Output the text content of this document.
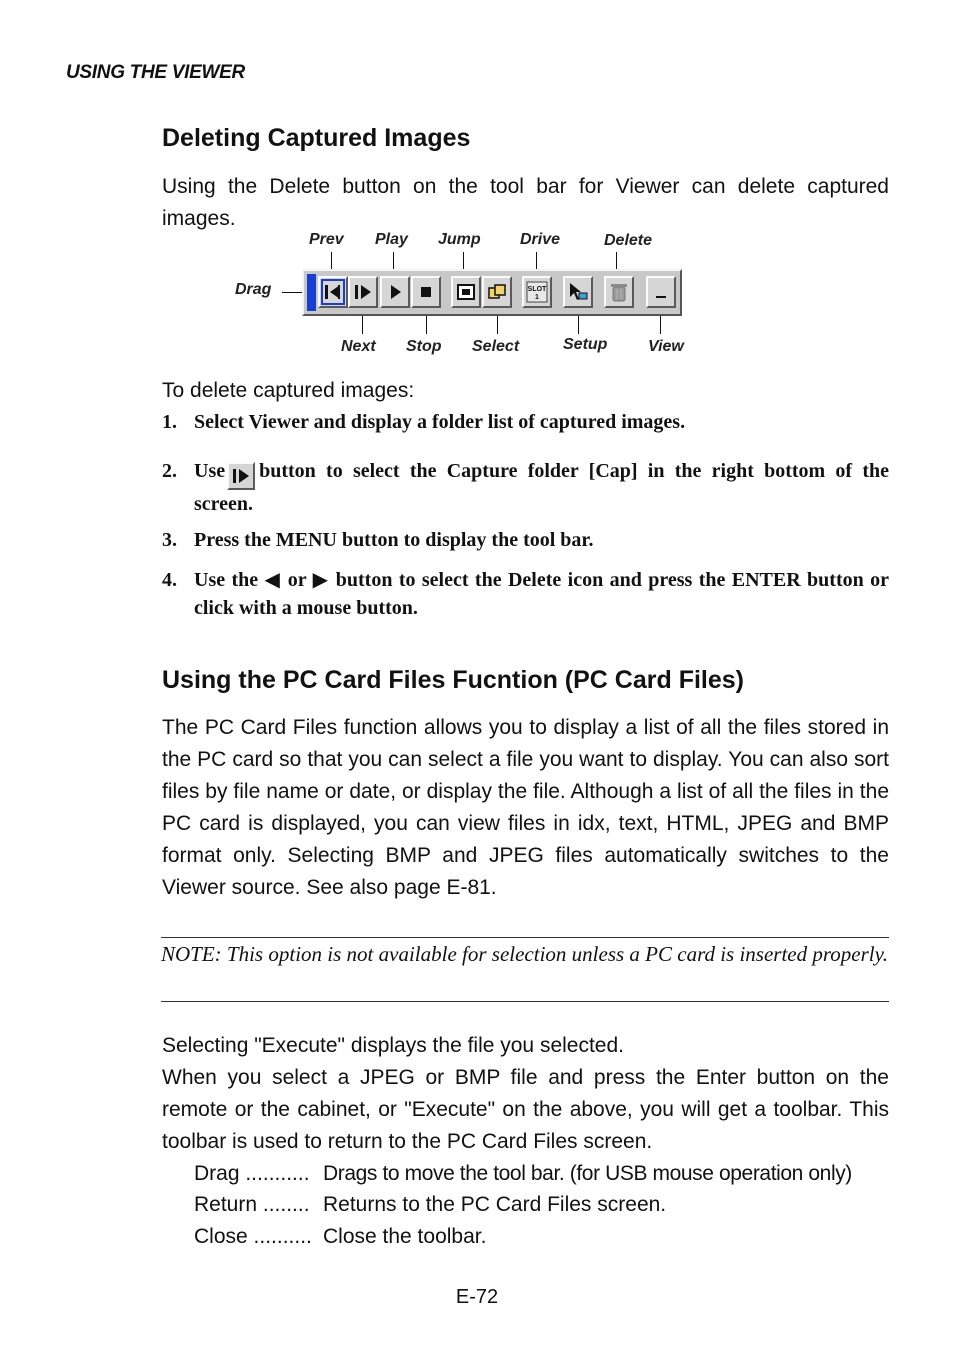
USING THE VIEWER
Deleting Captured Images
Using the Delete button on the tool bar for Viewer can delete captured images.
Prev Play Jump Drive	Delete
Drag
Next Stop Select	Setup	View
SLOT
1
To delete captured images:
1. Select Viewer and display a folder list of captured images.
2. Use button to select the Capture folder [Cap] in the right bottom of the screen.
3. Press the MENU button to display the tool bar.
4. Use the ◀ or ▶ button to select the Delete icon and press the ENTER button or click with a mouse button.
Using the PC Card Files Fucntion (PC Card Files)
The PC Card Files function allows you to display a list of all the files stored in the PC card so that you can select a file you want to display. You can also sort files by file name or date, or display the file. Although a list of all the files in the PC card is displayed, you can view files in idx, text, HTML, JPEG and BMP format only. Selecting BMP and JPEG files automatically switches to the Viewer source. See also page E-81.
NOTE: This option is not available for selection unless a PC card is inserted properly.
Selecting "Execute" displays the file you selected.
When you select a JPEG or BMP file and press the Enter button on the remote or the cabinet, or "Execute" on the above, you will get a toolbar. This toolbar is used to return to the PC Card Files screen.
Drag ........... Drags to move the tool bar. (for USB mouse operation only)
Return ........ Returns to the PC Card Files screen.
Close .......... Close the toolbar.
E-72
